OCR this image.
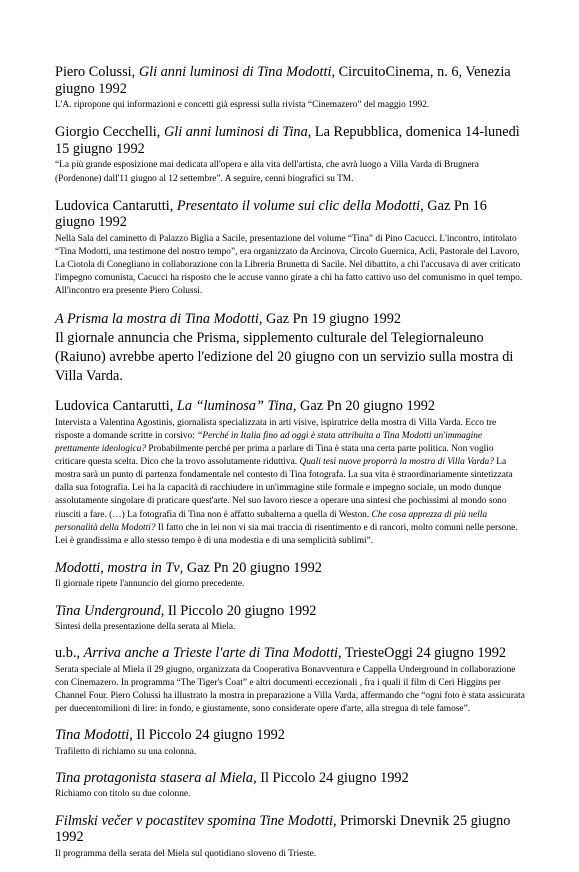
Piero Colussi, Gli anni luminosi di Tina Modotti, CircuitoCinema, n. 6, Venezia giugno 1992

L'A. ripropone qui informazioni e concetti già espressi sulla rivista “Cinemazero” del maggio 1992.

Giorgio Cecchelli, Gli anni luminosi di Tina, La Repubblica, domenica 14-lunedì 15 giugno 1992

“La più grande esposizione mai dedicata all'opera e alla vita dell'artista, che avrà luogo a Villa Varda di Brugnera (Pordenone) dall'11 giugno al 12 settembre”. A seguire, cenni biografici su TM.

Ludovica Cantarutti, Presentato il volume sui clic della Modotti, Gaz Pn 16 giugno 1992

Nella Sala del caminetto di Palazzo Biglia a Sacile, presentazione del volume “Tina” di Pino Cacucci. L'incontro, intitolato “Tina Modotti, una testimone del nostro tempo”, era organizzato da Arcinova, Circolo Guernica, Acli, Pastorale del Lavoro, La Ciotola di Conegliano in collaborazione con la Libreria Brunetta di Sacile. Nel dibattito, a chi l'accusava di aver criticato l'impegno comunista, Cacucci ha risposto che le accuse vanno girate a chi ha fatto cattivo uso del comunismo in quel tempo. All'incontro era presente Piero Colussi.

A Prisma la mostra di Tina Modotti, Gaz Pn 19 giugno 1992

Il giornale annuncia che Prisma, sipplemento culturale del Telegiornaleuno (Raiuno) avrebbe aperto l'edizione del 20 giugno con un servizio sulla mostra di Villa Varda.

Ludovica Cantarutti, La “luminosa” Tina, Gaz Pn 20 giugno 1992

Intervista a Valentina Agostinis, giornalista specializzata in arti visive, ispiratrice della mostra di Villa Varda. Ecco tre risposte a domande scritte in corsivo: “Perché in Italia fino ad oggi è stata attribuita a Tina Modotti un'immagine prettamente ideologica? Probabilmente perché per prima a parlare di Tina è stata una certa parte politica. Non voglio criticare questa scelta. Dico che la trovo assolutamente riduttiva. Quali tesi nuove proporrà la mostra di Villa Varda? La mostra sarà un punto di partenza fondamentale nel contesto di Tina fotografa. La sua vita è straordinariamente sintetizzata dalla sua fotografia. Lei ha la capacità di racchiudere in un'immagine stile formale e impegno sociale, un modo dunque assolutamente singolare di praticare quest'arte. Nel suo lavoro riesce a operare una sintesi che pochissimi al mondo sono riusciti a fare. (…) La fotografia di Tina non è affatto subalterna a quella di Weston. Che cosa apprezza di più nella personalità della Modotti? Il fatto che in lei non vi sia mai traccia di risentimento e di rancori, molto comuni nelle persone. Lei è grandissima e allo stesso tempo è di una modestia e di una semplicità sublimi”.

Modotti, mostra in Tv, Gaz Pn 20 giugno 1992

Il giornale ripete l'annuncio del giorno precedente.

Tina Underground, Il Piccolo 20 giugno 1992

Sintesi della presentazione della serata al Miela.

u.b., Arriva anche a Trieste l'arte di Tina Modotti, TriesteOggi 24 giugno 1992

Serata speciale al Miela il 29 giugno, organizzata da Cooperativa Bonavventura e Cappella Underground in collaborazione con Cinemazero. In programma “The Tiger's Coat” e altri documenti eccezionali , fra i quali il film di Ceri Higgins per Channel Four. Piero Colussi ha illustrato la mostra in preparazione a Villa Varda, affermando che “ogni foto è stata assicurata per duecentomilioni di lire: in fondo, e giustamente, sono considerate opere d'arte, alla stregua di tele famose”.

Tina Modotti, Il Piccolo 24 giugno 1992

Trafiletto di richiamo su una colonna.

Tina protagonista stasera al Miela, Il Piccolo 24 giugno 1992

Richiamo con titolo su due colonne.

Filmski večer v pocastitev spomina Tine Modotti, Primorski Dnevnik 25 giugno 1992

Il programma della serata del Miela sul quotidiano sloveno di Trieste.
